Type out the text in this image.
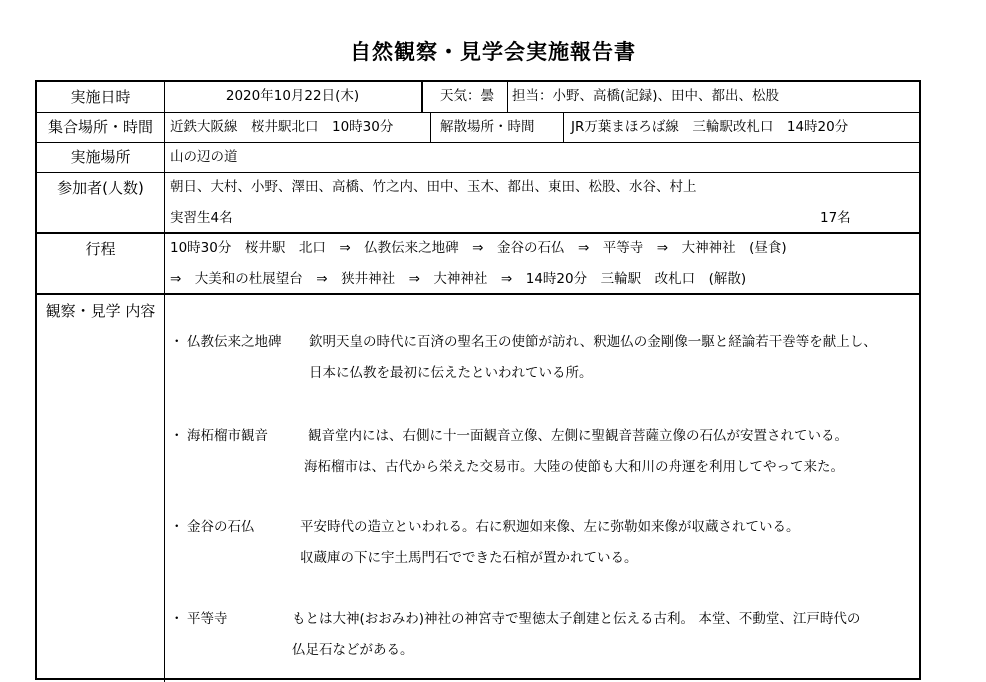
自然観察・見学会実施報告書
実施日時	2020年10月22日(木)	天気：曇 担当：小野、高橋(記録)、田中、都出、松股
集合場所・時間	近鉄大阪線　桜井駅北口　10時30分	解散場所・時間	JR万葉まほろば線　三輪駅改札口　14時20分
実施場所	山の辺の道
参加者(人数)	朝日、大村、小野、澤田、高橋、竹之内、田中、玉木、都出、東田、松股、水谷、村上
実習生4名	17名
行程	10時30分　桜井駅　北口　⇒　仏教伝来之地碑　⇒　金谷の石仏　⇒　平等寺　⇒　大神神社　(昼食)
⇒　大美和の杜展望台　⇒　狭井神社　⇒　大神神社　⇒　14時20分　三輪駅　改札口　(解散)
観察・見学 内容
・ 仏教伝来之地碑 欽明天皇の時代に百済の聖名王の使節が訪れ、釈迦仏の金剛像一駆と経論若干巻等を献上し、
日本に仏教を最初に伝えたといわれている所。
・ 海柘榴市観音	観音堂内には、右側に十一面観音立像、左側に聖観音菩薩立像の石仏が安置されている。
海柘榴市は、古代から栄えた交易市。大陸の使節も大和川の舟運を利用してやって来た。
・ 金谷の石仏	平安時代の造立といわれる。右に釈迦如来像、左に弥勒如来像が収蔵されている。
収蔵庫の下に宇土馬門石でできた石棺が置かれている。
・ 平等寺	もとは大神(おおみわ)神社の神宮寺で聖徳太子創建と伝える古利。 本堂、不動堂、江戸時代の
仏足石などがある。
